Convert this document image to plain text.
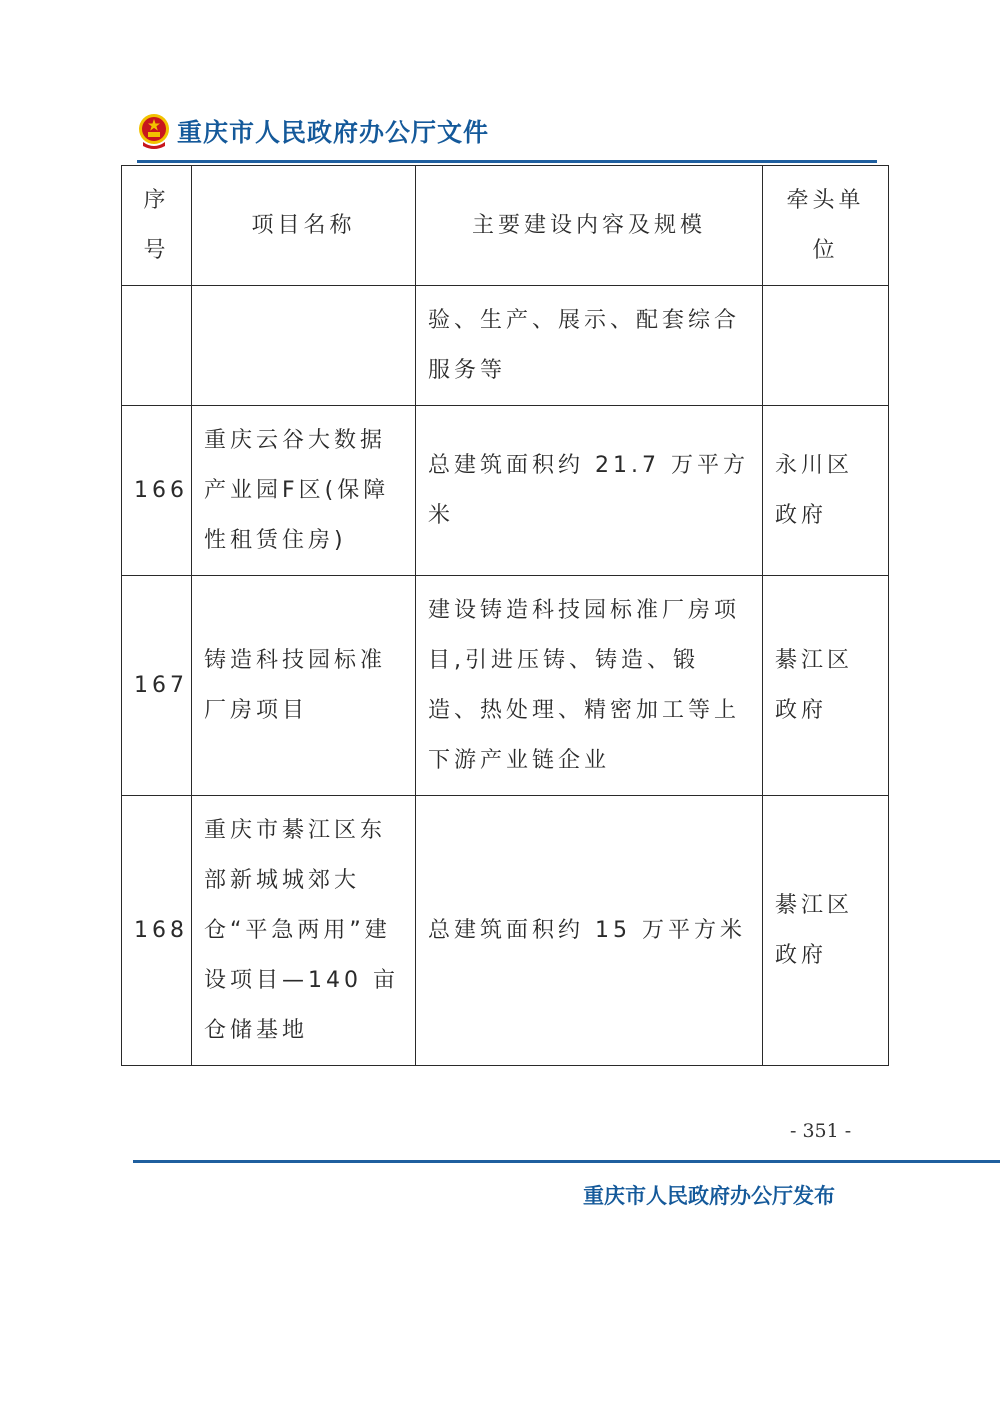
重庆市人民政府办公厅文件
序号	项目名称	主要建设内容及规模	牵头单位
		验、生产、展示、配套综合服务等	
166	重庆云谷大数据产业园F区(保障性租赁住房)	总建筑面积约 21.7 万平方米	永川区政府
167	铸造科技园标准厂房项目	建设铸造科技园标准厂房项目,引进压铸、铸造、锻造、热处理、精密加工等上下游产业链企业	綦江区政府
168	重庆市綦江区东部新城城郊大仓“平急两用”建设项目—140 亩仓储基地	总建筑面积约 15 万平方米	綦江区政府
- 351 -
重庆市人民政府办公厅发布
